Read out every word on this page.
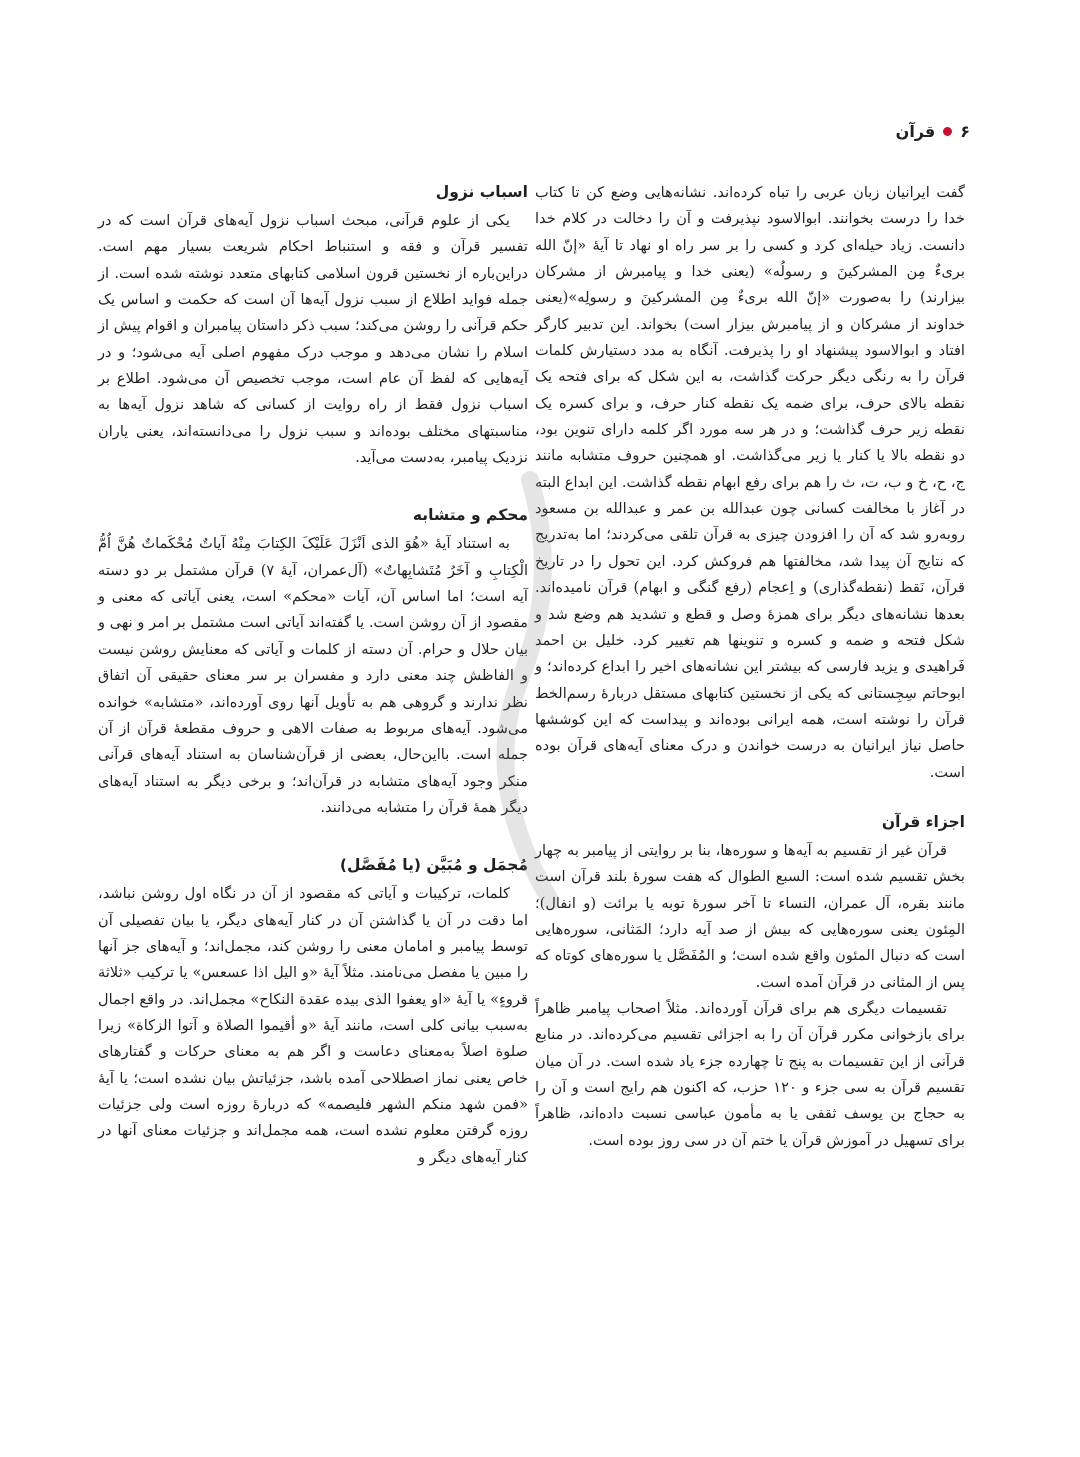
۶
قرآن

گفت ایرانیان زبان عربی را تباه کرده‌اند. نشانه‌هایی وضع کن تا کتاب خدا را درست بخوانند. ابوالاسود نپذیرفت و آن را دخالت در کلام خدا دانست. زیاد حیله‌ای کرد و کسی را بر سر راه او نهاد تا آیهٔ «إنّ الله بریءٌ مِن المشرکینَ و رسولُه» (یعنی خدا و پیامبرش از مشرکان بیزارند) را به‌صورت «إنّ الله بریءٌ مِن المشرکینَ و رسولِه»(یعنی خداوند از مشرکان و از پیامبرش بیزار است) بخواند. این تدبیر کارگر افتاد و ابوالاسود پیشنهاد او را پذیرفت. آنگاه به مدد دستیارش کلمات قرآن را به رنگی دیگر حرکت گذاشت، به این شکل که برای فتحه یک نقطه بالای حرف، برای ضمه یک نقطه کنار حرف، و برای کسره یک نقطه زیر حرف گذاشت؛ و در هر سه مورد اگر کلمه دارای تنوین بود، دو نقطه بالا یا کنار یا زیر می‌گذاشت. او همچنین حروف متشابه مانند ج، ح، خ و ب، ت، ث را هم برای رفع ابهام نقطه گذاشت. این ابداع البته در آغاز با مخالفت کسانی چون عبدالله بن عمر و عبدالله بن مسعود روبه‌رو شد که آن را افزودن چیزی به قرآن تلقی می‌کردند؛ اما به‌تدریج که نتایج آن پیدا شد، مخالفتها هم فروکش کرد. این تحول را در تاریخ قرآن، نَقط (نقطه‌گذاری) و اِعجام (رفع گنگی و ابهام) قرآن نامیده‌اند. بعدها نشانه‌های دیگر برای همزهٔ وصل و قطع و تشدید هم وضع شد و شکل فتحه و ضمه و کسره و تنوینها هم تغییر کرد. خلیل بن احمد فَراهیدی و یزید فارسی که بیشتر این نشانه‌های اخیر را ابداع کرده‌اند؛ و ابوحاتم سِجِستانی که یکی از نخستین کتابهای مستقل دربارهٔ رسم‌الخط قرآن را نوشته است، همه ایرانی بوده‌اند و پیداست که این کوششها حاصل نیاز ایرانیان به درست خواندن و درک معنای آیه‌های قرآن بوده است.

اجزاء قرآن

قرآن غیر از تقسیم به آیه‌ها و سوره‌ها، بنا بر روایتی از پیامبر به چهار بخش تقسیم شده است: السبع الطوال که هفت سورهٔ بلند قرآن است مانند بقره، آل عمران، النساء تا آخر سورهٔ توبه یا برائت (و انفال)؛ المِئون یعنی سوره‌هایی که بیش از صد آیه دارد؛ المَثانی، سوره‌هایی است که دنبال المئون واقع شده است؛ و المُفَصَّل یا سوره‌های کوتاه که پس از المثانی در قرآن آمده است.

تقسیمات دیگری هم برای قرآن آورده‌اند. مثلاً اصحاب پیامبر ظاهراً برای بازخوانی مکرر قرآن آن را به اجزائی تقسیم می‌کرده‌اند. در منابع قرآنی از این تقسیمات به پنج تا چهارده جزء یاد شده است. در آن میان تقسیم قرآن به سی جزء و ۱۲۰ حزب، که اکنون هم رایج است و آن را به حجاج بن یوسف ثقفی یا به مأمون عباسی نسبت داده‌اند، ظاهراً برای تسهیل در آموزش قرآن یا ختم آن در سی روز بوده است.

اسباب نزول

یکی از علوم قرآنی، مبحث اسباب نزول آیه‌های قرآن است که در تفسیر قرآن و فقه و استنباط احکام شریعت بسیار مهم است. دراین‌باره از نخستین قرون اسلامی کتابهای متعدد نوشته شده است. از جمله فواید اطلاع از سبب نزول آیه‌ها آن است که حکمت و اساس یک حکم قرآنی را روشن می‌کند؛ سبب ذکر داستان پیامبران و اقوام پیش از اسلام را نشان می‌دهد و موجب درک مفهوم اصلی آیه می‌شود؛ و در آیه‌هایی که لفظ آن عام است، موجب تخصیص آن می‌شود. اطلاع بر اسباب نزول فقط از راه روایت از کسانی که شاهد نزول آیه‌ها به مناسبتهای مختلف بوده‌اند و سبب نزول را می‌دانسته‌اند، یعنی یاران نزدیک پیامبر، به‌دست می‌آید.

محکم و متشابه

به استناد آیهٔ «هُوَ الذی اَنْزَلَ عَلَیْکَ الکِتابَ مِنْهُ آیاتٌ مُحْکَماتٌ هُنَّ اُمُّ الْکِتابِ و آخَرُ مُتَشابِهاتٌ» (آل‌عمران، آیهٔ ۷) قرآن مشتمل بر دو دسته آیه است؛ اما اساس آن، آیات «محکم» است، یعنی آیاتی که معنی و مقصود از آن روشن است. یا گفته‌اند آیاتی است مشتمل بر امر و نهی و بیان حلال و حرام. آن دسته از کلمات و آیاتی که معنایش روشن نیست و الفاظش چند معنی دارد و مفسران بر سر معنای حقیقی آن اتفاق نظر ندارند و گروهی هم به تأویل آنها روی آورده‌اند، «متشابه» خوانده می‌شود. آیه‌های مربوط به صفات الاهی و حروف مقطعهٔ قرآن از آن جمله است. بااین‌حال، بعضی از قرآن‌شناسان به استناد آیه‌های قرآنی منکر وجود آیه‌های متشابه در قرآن‌اند؛ و برخی دیگر به استناد آیه‌های دیگر همهٔ قرآن را متشابه می‌دانند.

مُجمَل و مُبَیَّن (یا مُفَصَّل)

کلمات، ترکیبات و آیاتی که مقصود از آن در نگاه اول روشن نباشد، اما دقت در آن یا گذاشتن آن در کنار آیه‌های دیگر، یا بیان تفصیلی آن توسط پیامبر و امامان معنی را روشن کند، مجمل‌اند؛ و آیه‌های جز آنها را مبین یا مفصل می‌نامند. مثلاً آیهٔ «و الیل اذا عسعس» یا ترکیب «ثلاثة قروءٍ» یا آیهٔ «او یعفوا الذی بیده عقدة النکاح» مجمل‌اند. در واقع اجمال به‌سبب بیانی کلی است، مانند آیهٔ «و أقیموا الصلاة و آتوا الزکاة» زیرا صلوة اصلاً به‌معنای دعاست و اگر هم به معنای حرکات و گفتارهای خاص یعنی نماز اصطلاحی آمده باشد، جزئیاتش بیان نشده است؛ یا آیهٔ «فمن شهد منکم الشهر فلیصمه» که دربارهٔ روزه است ولی جزئیات روزه گرفتن معلوم نشده است، همه مجمل‌اند و جزئیات معنای آنها در کنار آیه‌های دیگر و
